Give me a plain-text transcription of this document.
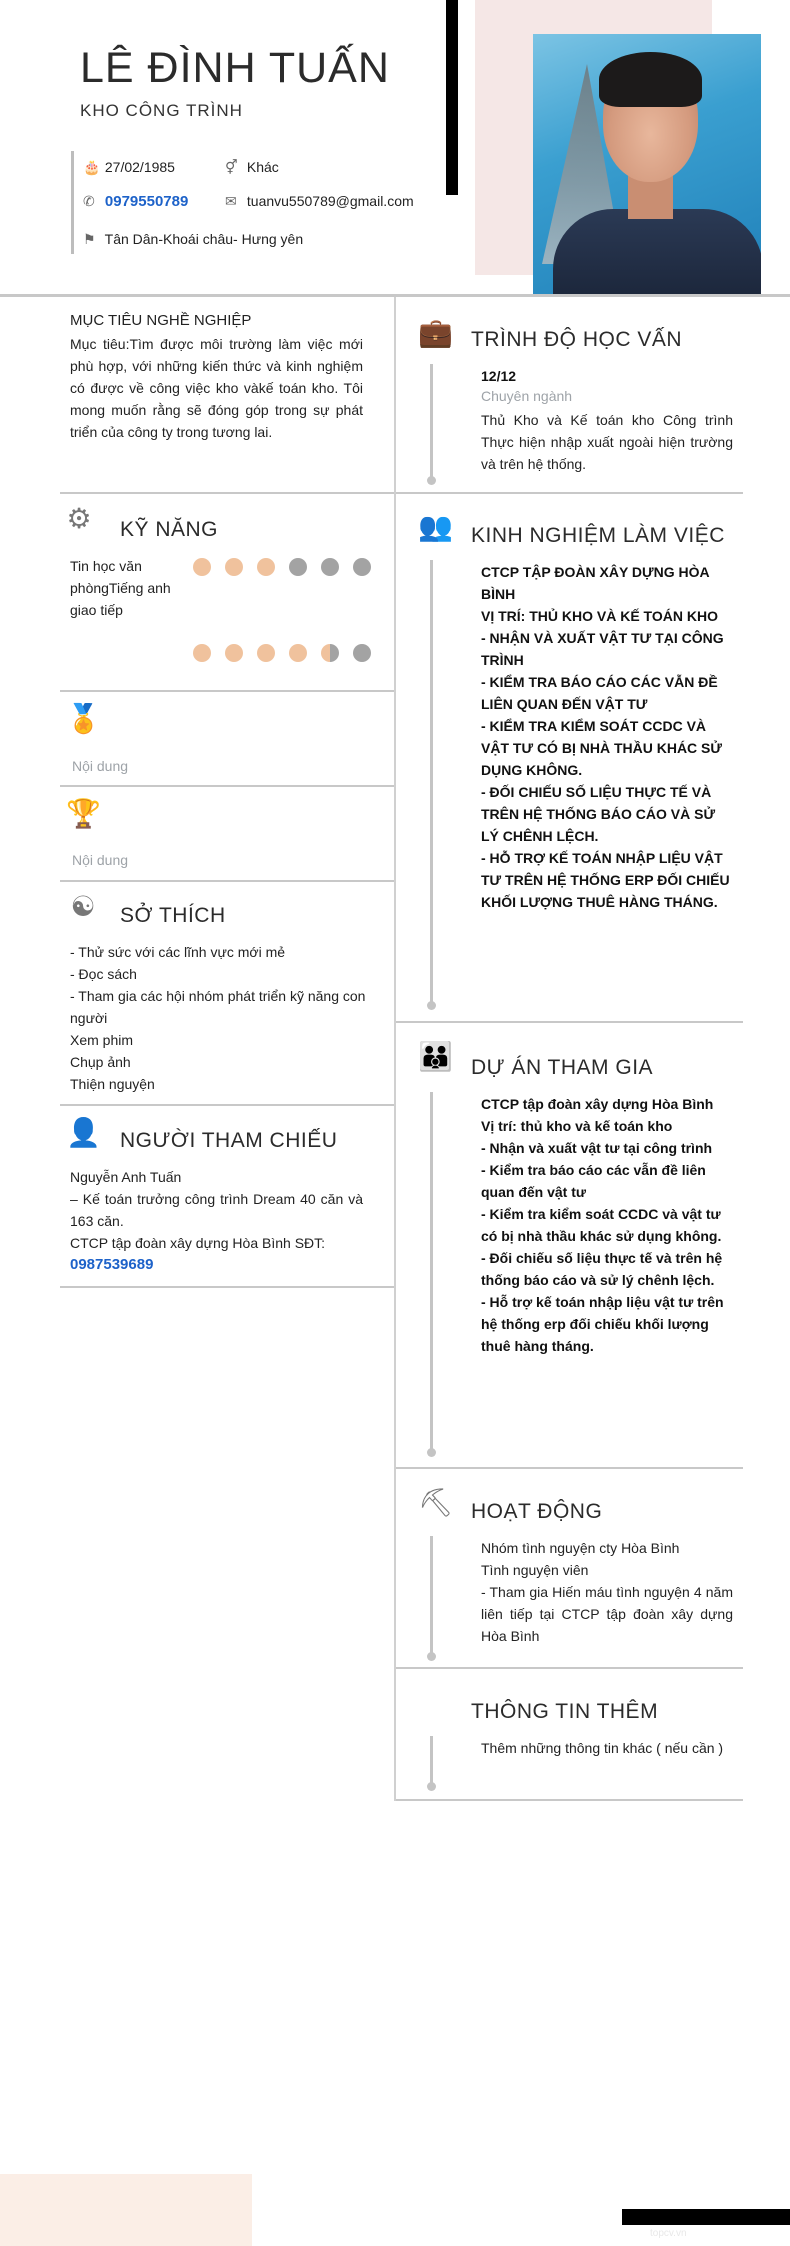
LÊ ĐÌNH TUẤN
KHO CÔNG TRÌNH
🎂 27/02/1985	⚥ Khác
✆ 0979550789	✉ tuanvu550789@gmail.com
⚑ Tân Dân-Khoái châu- Hưng yên
MỤC TIÊU NGHỀ NGHIỆP
Mục tiêu:Tìm được môi trường làm việc mới phù hợp, với những kiến thức và kinh nghiệm có được về công việc kho vàkế toán kho. Tôi mong muốn rằng sẽ đóng góp trong sự phát triển của công ty trong tương lai.
⚙ KỸ NĂNG
Tin học văn phòngTiếng anh giao tiếp
🏅
Nội dung
🏆
Nội dung
☯ SỞ THÍCH
- Thử sức với các lĩnh vực mới mẻ
- Đọc sách
- Tham gia các hội nhóm phát triển kỹ năng con người
Xem phim
Chụp ảnh
Thiện nguyện
👤 NGƯỜI THAM CHIẾU
Nguyễn Anh Tuấn
– Kế toán trưởng công trình Dream 40 căn và 163 căn.
CTCP tập đoàn xây dựng Hòa Bình SĐT:
0987539689
💼 TRÌNH ĐỘ HỌC VẤN
12/12
Chuyên ngành
Thủ Kho và Kế toán kho Công trình Thực hiện nhập xuất ngoài hiện trường và trên hệ thống.
👥 KINH NGHIỆM LÀM VIỆC
CTCP TẬP ĐOÀN XÂY DỰNG HÒA BÌNH
VỊ TRÍ: THỦ KHO VÀ KẾ TOÁN KHO
- NHẬN VÀ XUẤT VẬT TƯ TẠI CÔNG TRÌNH
- KIỂM TRA BÁO CÁO CÁC VẪN ĐỀ LIÊN QUAN ĐẾN VẬT TƯ
- KIỂM TRA KIỂM SOÁT CCDC VÀ VẬT TƯ CÓ BỊ NHÀ THẦU KHÁC SỬ DỤNG KHÔNG.
- ĐỐI CHIẾU SỐ LIỆU THỰC TẾ VÀ TRÊN HỆ THỐNG BÁO CÁO VÀ SỬ LÝ CHÊNH LỆCH.
- HỖ TRỢ KẾ TOÁN NHẬP LIỆU VẬT TƯ TRÊN HỆ THỐNG ERP ĐỐI CHIẾU KHỐI LƯỢNG THUÊ HÀNG THÁNG.
👪 DỰ ÁN THAM GIA
CTCP tập đoàn xây dựng Hòa Bình
Vị trí: thủ kho và kế toán kho
- Nhận và xuất vật tư tại công trình
- Kiểm tra báo cáo các vẫn đề liên quan đến vật tư
- Kiểm tra kiểm soát CCDC và vật tư có bị nhà thầu khác sử dụng không.
- Đối chiếu số liệu thực tế và trên hệ thống báo cáo và sử lý chênh lệch.
- Hỗ trợ kế toán nhập liệu vật tư trên hệ thống erp đối chiếu khối lượng thuê hàng tháng.
⛏ HOẠT ĐỘNG
Nhóm tình nguyện cty Hòa Bình
Tình nguyện viên
- Tham gia Hiến máu tình nguyện 4 năm liên tiếp tại CTCP tập đoàn xây dựng Hòa Bình
THÔNG TIN THÊM
Thêm những thông tin khác ( nếu cần )
topcv.vn
